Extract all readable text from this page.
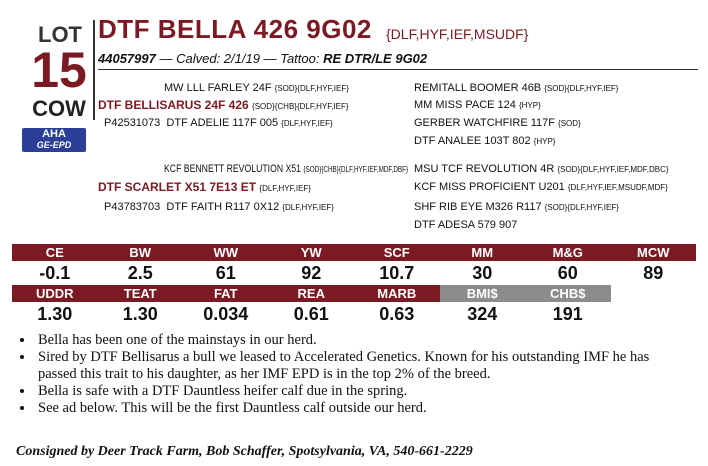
LOT
15
COW
AHA
GE-EPD
DTF BELLA 426 9G02 {DLF,HYF,IEF,MSUDF}
44057997 — Calved: 2/1/19 — Tattoo: RE DTR/LE 9G02
MW LLL FARLEY 24F {SOD}{DLF,HYF,IEF}
DTF BELLISARUS 24F 426 {SOD}{CHB}{DLF,HYF,IEF}
P42531073 DTF ADELIE 117F 005 {DLF,HYF,IEF}
REMITALL BOOMER 46B {SOD}{DLF,HYF,IEF}
MM MISS PACE 124 {HYP}
GERBER WATCHFIRE 117F {SOD}
DTF ANALEE 103T 802 {HYP}
KCF BENNETT REVOLUTION X51 {SOD}{CHB}{DLF,HYF,IEF,MDF,DBF}
DTF SCARLET X51 7E13 ET {DLF,HYF,IEF}
P43783703 DTF FAITH R117 0X12 {DLF,HYF,IEF}
MSU TCF REVOLUTION 4R {SOD}{DLF,HYF,IEF,MDF,DBC}
KCF MISS PROFICIENT U201 {DLF,HYF,IEF,MSUDF,MDF}
SHF RIB EYE M326 R117 {SOD}{DLF,HYF,IEF}
DTF ADESA 579 907
CE	BW	WW	YW	SCF	MM	M&G	MCW
-0.1	2.5	61	92	10.7	30	60	89
UDDR	TEAT	FAT	REA	MARB	BMI$	CHB$
1.30	1.30	0.034	0.61	0.63	324	191
• Bella has been one of the mainstays in our herd.
• Sired by DTF Bellisarus a bull we leased to Accelerated Genetics. Known for his outstanding IMF he has passed this trait to his daughter, as her IMF EPD is in the top 2% of the breed.
• Bella is safe with a DTF Dauntless heifer calf due in the spring.
• See ad below. This will be the first Dauntless calf outside our herd.
Consigned by Deer Track Farm, Bob Schaffer, Spotsylvania, VA, 540-661-2229
